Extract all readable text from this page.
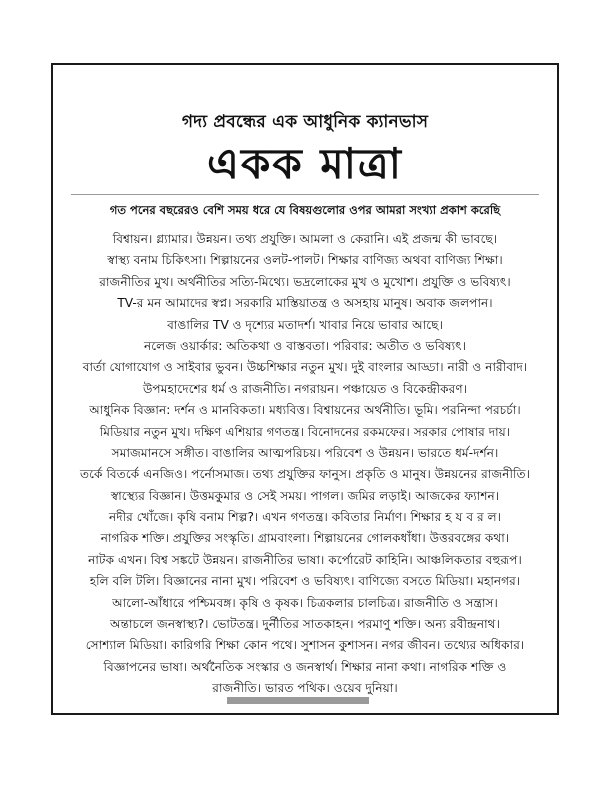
গদ্য প্রবন্ধের এক আধুনিক ক্যানভাস
একক মাত্রা
গত পনের বছরেরও বেশি সময় ধরে যে বিষয়গুলোর ওপর আমরা সংখ্যা প্রকাশ করেছি
বিশ্বায়ন। গ্ল্যামার। উন্নয়ন। তথ্য প্রযুক্তি। আমলা ও কেরানি। এই প্রজন্ম কী ভাবছে।
স্বাস্থ্য বনাম চিকিৎসা। শিল্পায়নের ওলট-পালট। শিক্ষার বাণিজ্য অথবা বাণিজ্য শিক্ষা।
রাজনীতির মুখ। অর্থনীতির সত্যি-মিথ্যে। ভদ্রলোকের মুখ ও মুখোশ। প্রযুক্তি ও ভবিষ্যৎ।
TV-র মন আমাদের স্বপ্ন। সরকারি মাস্তিয়াতন্ত্র ও অসহায় মানুষ। অবাক জলপান।
বাঙালির TV ও দৃশ্যের মতাদর্শ। খাবার নিয়ে ভাবার আছে।
নলেজ ওয়ার্কার: অতিকথা ও বাস্তবতা। পরিবার: অতীত ও ভবিষ্যৎ।
বার্তা যোগাযোগ ও সাইবার ভুবন। উচ্চশিক্ষার নতুন মুখ। দুই বাংলার আড্ডা। নারী ও নারীবাদ।
উপমহাদেশের ধর্ম ও রাজনীতি। নগরায়ন। পঞ্চায়েত ও বিকেন্দ্রীকরণ।
আধুনিক বিজ্ঞান: দর্শন ও মানবিকতা। মধ্যবিত্ত। বিশ্বায়নের অর্থনীতি। ভূমি। পরনিন্দা পরচর্চা।
মিডিয়ার নতুন মুখ। দক্ষিণ এশিয়ার গণতন্ত্র। বিনোদনের রকমফের। সরকার পোষার দায়।
সমাজমানসে সঙ্গীত। বাঙালির আত্মপরিচয়। পরিবেশ ও উন্নয়ন। ভারতে ধর্ম-দর্শন।
তর্কে বিতর্কে এনজিও। পর্নোসমাজ। তথ্য প্রযুক্তির ফানুস। প্রকৃতি ও মানুষ। উন্নয়নের রাজনীতি।
স্বাস্থ্যের বিজ্ঞান। উত্তমকুমার ও সেই সময়। পাগল। জমির লড়াই। আজকের ফ্যাশন।
নদীর খোঁজে। কৃষি বনাম শিল্প?। এখন গণতন্ত্র। কবিতার নির্মাণ। শিক্ষার হ য ব র ল।
নাগরিক শক্তি। প্রযুক্তির সংস্কৃতি। গ্রামবাংলা। শিল্পায়নের গোলকধাঁধা। উত্তরবঙ্গের কথা।
নাটক এখন। বিশ্ব সঙ্কটে উন্নয়ন। রাজনীতির ভাষা। কর্পোরেট কাহিনি। আঞ্চলিকতার বহুরূপ।
হলি বলি টলি। বিজ্ঞানের নানা মুখ। পরিবেশ ও ভবিষ্যৎ। বাণিজ্যে বসতে মিডিয়া। মহানগর।
আলো-আঁধারে পশ্চিমবঙ্গ। কৃষি ও কৃষক। চিত্রকলার চালচিত্র। রাজনীতি ও সন্ত্রাস।
অন্তাচলে জনস্বাস্থ্য?। ভোটতন্ত্র। দুর্নীতির সাতকাহন। পরমাণু শক্তি। অন্য রবীন্দ্রনাথ।
সোশ্যাল মিডিয়া। কারিগরি শিক্ষা কোন পথে। সুশাসন কুশাসন। নগর জীবন। তথ্যের অধিকার।
বিজ্ঞাপনের ভাষা। অর্থনৈতিক সংস্কার ও জনস্বার্থ। শিক্ষার নানা কথা। নাগরিক শক্তি ও
রাজনীতি। ভারত পথিক। ওয়েব দুনিয়া।
